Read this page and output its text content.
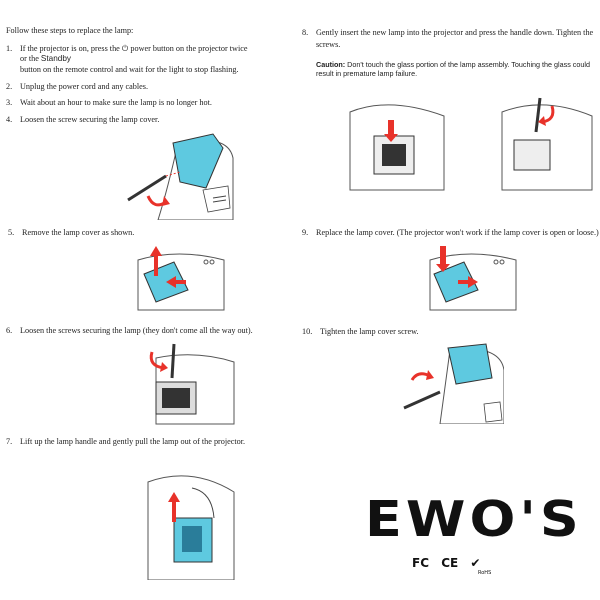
Follow these steps to replace the lamp:
1. If the projector is on, press the ⏻ power button on the projector twice
or the Standby
button on the remote control and wait for the light to stop flashing.
2. Unplug the power cord and any cables.
3. Wait about an hour to make sure the lamp is no longer hot.
4. Loosen the screw securing the lamp cover.
5. Remove the lamp cover as shown.
6. Loosen the screws securing the lamp (they don't come all the way out).
7. Lift up the lamp handle and gently pull the lamp out of the projector.
8. Gently insert the new lamp into the projector and press the handle down. Tighten the
screws.
Caution: Don't touch the glass portion of the lamp assembly. Touching the glass could result in premature lamp failure.
9. Replace the lamp cover. (The projector won't work if the lamp cover is open or loose.)
10. Tighten the lamp cover screw.
EWO'S
FC CE ✔
RoHS
